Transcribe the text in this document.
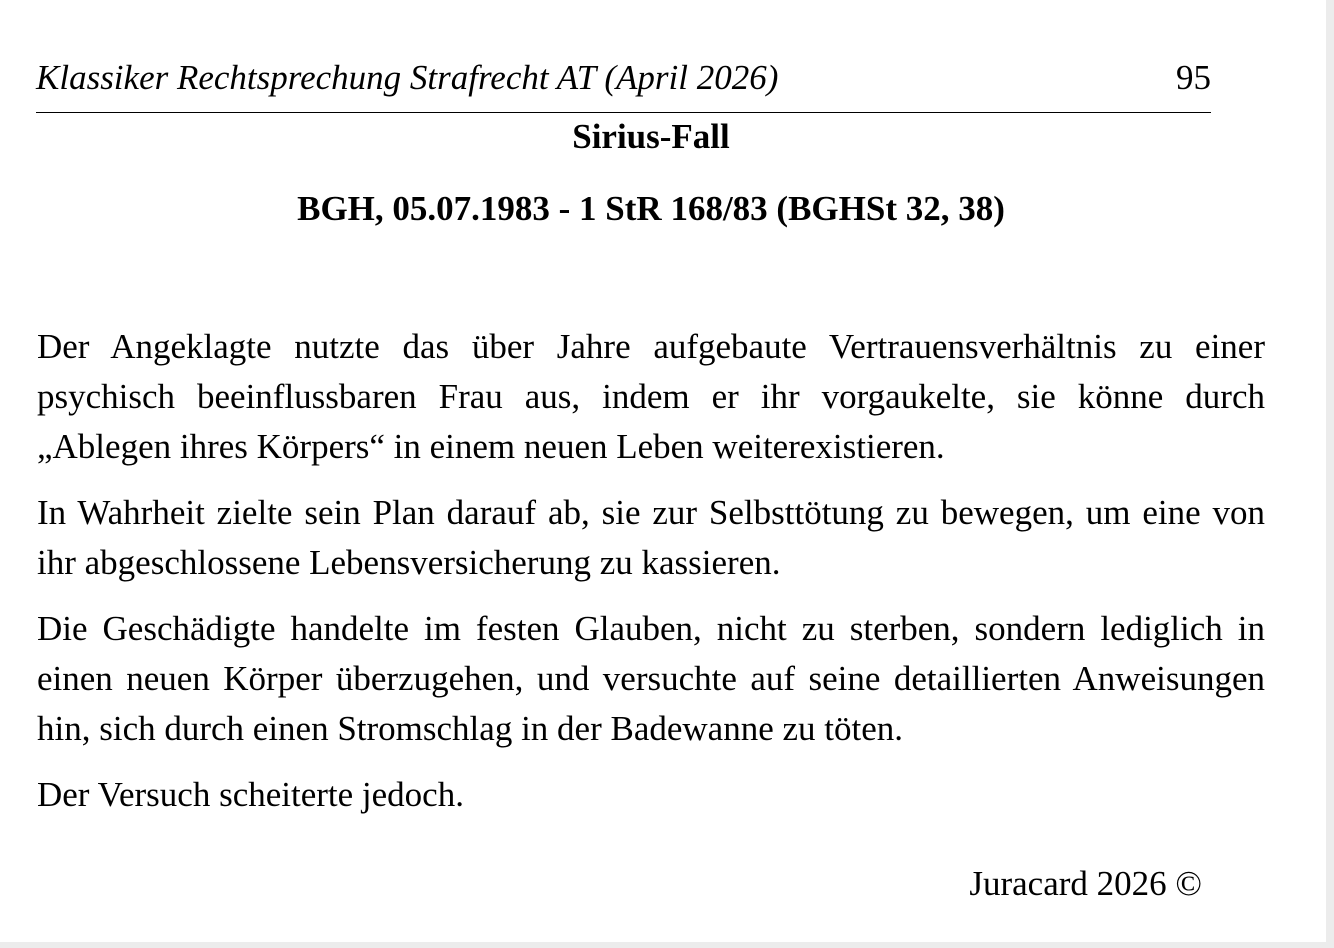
Klassiker Rechtsprechung Strafrecht AT (April 2026)	95
Sirius-Fall
BGH, 05.07.1983 - 1 StR 168/83 (BGHSt 32, 38)

Der Angeklagte nutzte das über Jahre aufgebaute Vertrauensverhältnis zu einer psychisch beeinflussbaren Frau aus, indem er ihr vorgaukelte, sie könne durch „Ablegen ihres Körpers“ in einem neuen Leben weiterexistieren.

In Wahrheit zielte sein Plan darauf ab, sie zur Selbsttötung zu bewegen, um eine von ihr abgeschlossene Lebensversicherung zu kassieren.

Die Geschädigte handelte im festen Glauben, nicht zu sterben, sondern lediglich in einen neuen Körper überzugehen, und versuchte auf seine detaillierten Anweisungen hin, sich durch einen Stromschlag in der Badewanne zu töten.

Der Versuch scheiterte jedoch.

Juracard 2026 ©
